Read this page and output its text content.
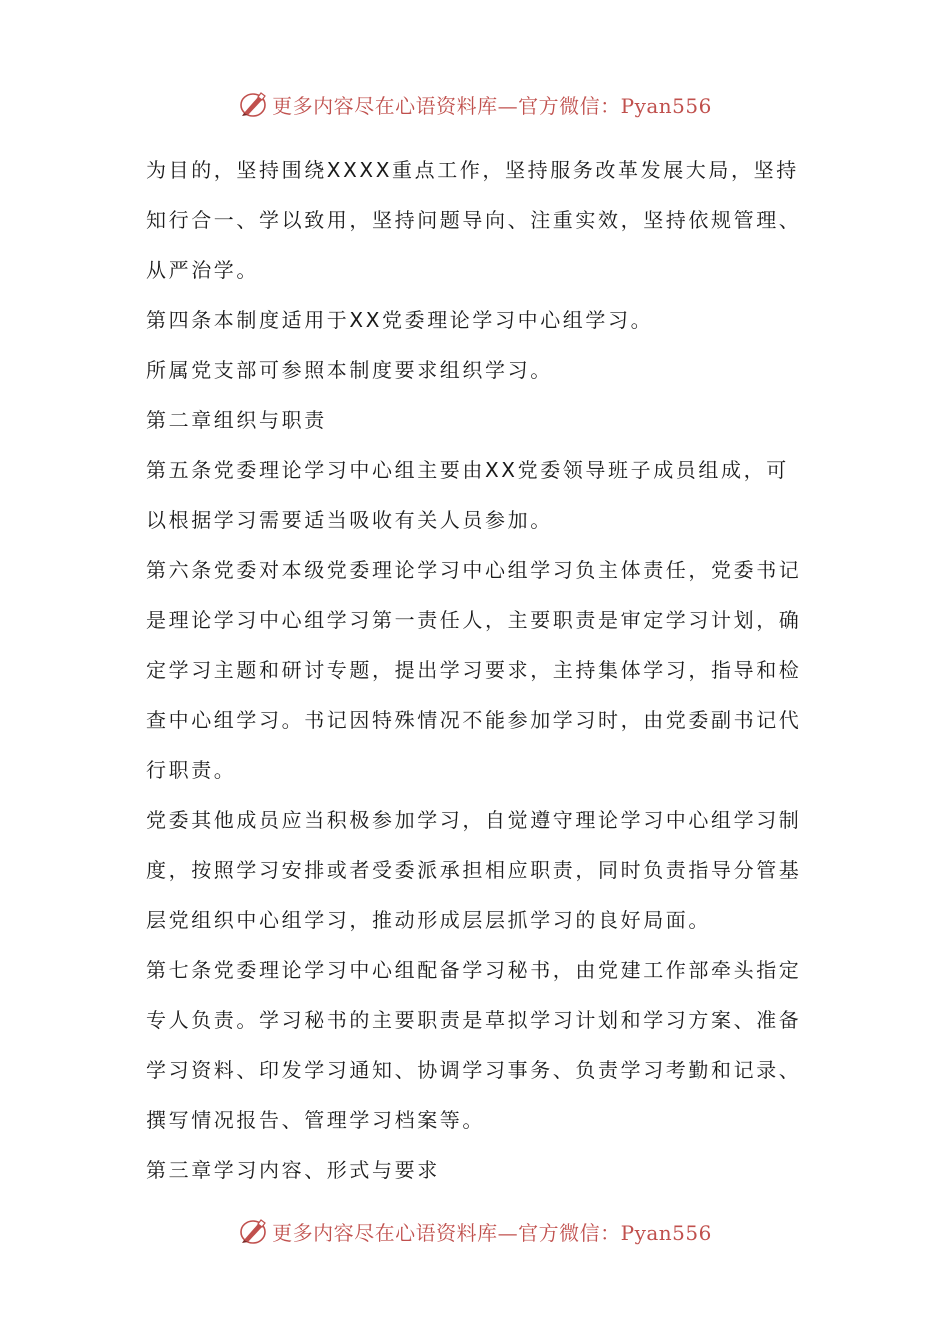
更多内容尽在心语资料库—官方微信：Pyan556

为目的，坚持围绕XXXX重点工作，坚持服务改革发展大局，坚持知行合一、学以致用，坚持问题导向、注重实效，坚持依规管理、从严治学。

第四条本制度适用于XX党委理论学习中心组学习。

所属党支部可参照本制度要求组织学习。

第二章组织与职责

第五条党委理论学习中心组主要由XX党委领导班子成员组成，可以根据学习需要适当吸收有关人员参加。

第六条党委对本级党委理论学习中心组学习负主体责任，党委书记是理论学习中心组学习第一责任人，主要职责是审定学习计划，确定学习主题和研讨专题，提出学习要求，主持集体学习，指导和检查中心组学习。书记因特殊情况不能参加学习时，由党委副书记代行职责。

党委其他成员应当积极参加学习，自觉遵守理论学习中心组学习制度，按照学习安排或者受委派承担相应职责，同时负责指导分管基层党组织中心组学习，推动形成层层抓学习的良好局面。

第七条党委理论学习中心组配备学习秘书，由党建工作部牵头指定专人负责。学习秘书的主要职责是草拟学习计划和学习方案、准备学习资料、印发学习通知、协调学习事务、负责学习考勤和记录、撰写情况报告、管理学习档案等。

第三章学习内容、形式与要求

更多内容尽在心语资料库—官方微信：Pyan556
